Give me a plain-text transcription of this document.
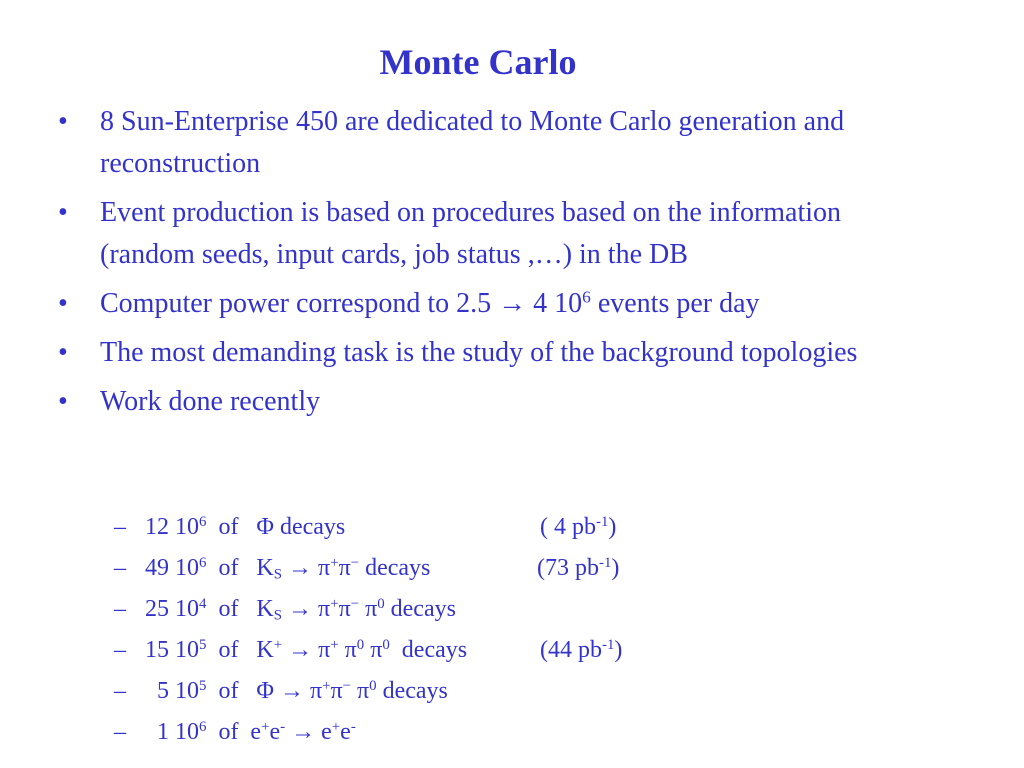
Monte Carlo
• 8 Sun-Enterprise 450 are dedicated to Monte Carlo generation and reconstruction
• Event production is based on procedures based on the information (random seeds, input cards, job status ,…) in the DB
• Computer power correspond to 2.5 → 4 $10^6$ events per day
• The most demanding task is the study of the background topologies
• Work done recently
– 12 $10^6$  of   Φ decays	( 4 $pb^{-1}$)
– 49 $10^6$  of   $K_S \to \pi^+\pi^-$ decays	(73 $pb^{-1}$)
– 25 $10^4$  of   $K_S \to \pi^+\pi^-$ $\pi^0$ decays
– 15 $10^5$  of   K+ → π+ $\pi^0$ $\pi^0$  decays	(44 $pb^{-1}$)
– 5 $10^5$  of   Φ → π+π− $\pi^0$ decays
– 1 $10^6$  of  e+e- → e+e-
